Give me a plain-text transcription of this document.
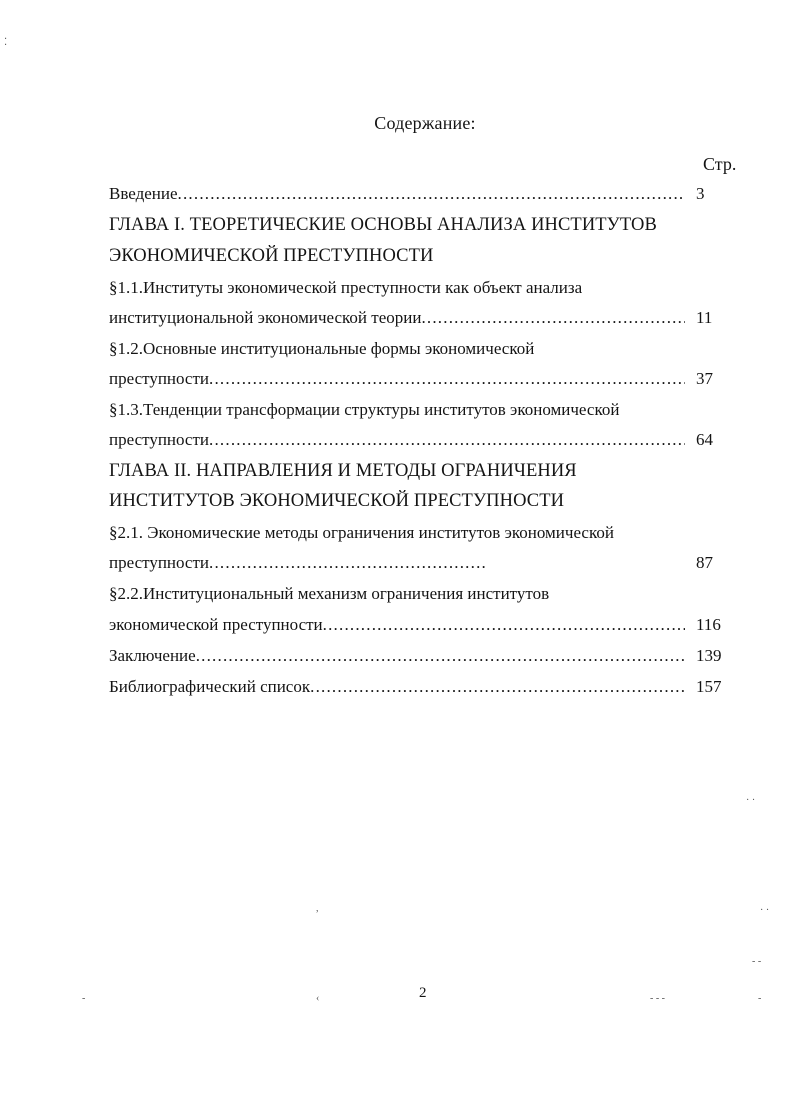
Содержание:
Стр.
Введение .....	3
ГЛАВА I. ТЕОРЕТИЧЕСКИЕ ОСНОВЫ АНАЛИЗА ИНСТИТУТОВ
ЭКОНОМИЧЕСКОЙ ПРЕСТУПНОСТИ
§1.1.Институты экономической преступности как объект анализа
институциональной экономической теории .....	11
§1.2.Основные институциональные формы экономической
преступности .....	37
§1.3.Тенденции трансформации структуры институтов экономической
преступности .....	64
ГЛАВА II. НАПРАВЛЕНИЯ И МЕТОДЫ ОГРАНИЧЕНИЯ
ИНСТИТУТОВ ЭКОНОМИЧЕСКОЙ ПРЕСТУПНОСТИ
§2.1. Экономические методы ограничения институтов экономической
преступности .....	87
§2.2.Институциональный механизм ограничения институтов
экономической преступности .....	116
Заключение .....	139
Библиографический список .....	157
2
⁚
· ·
,	· ·
- -
‹
-	- - -	-
